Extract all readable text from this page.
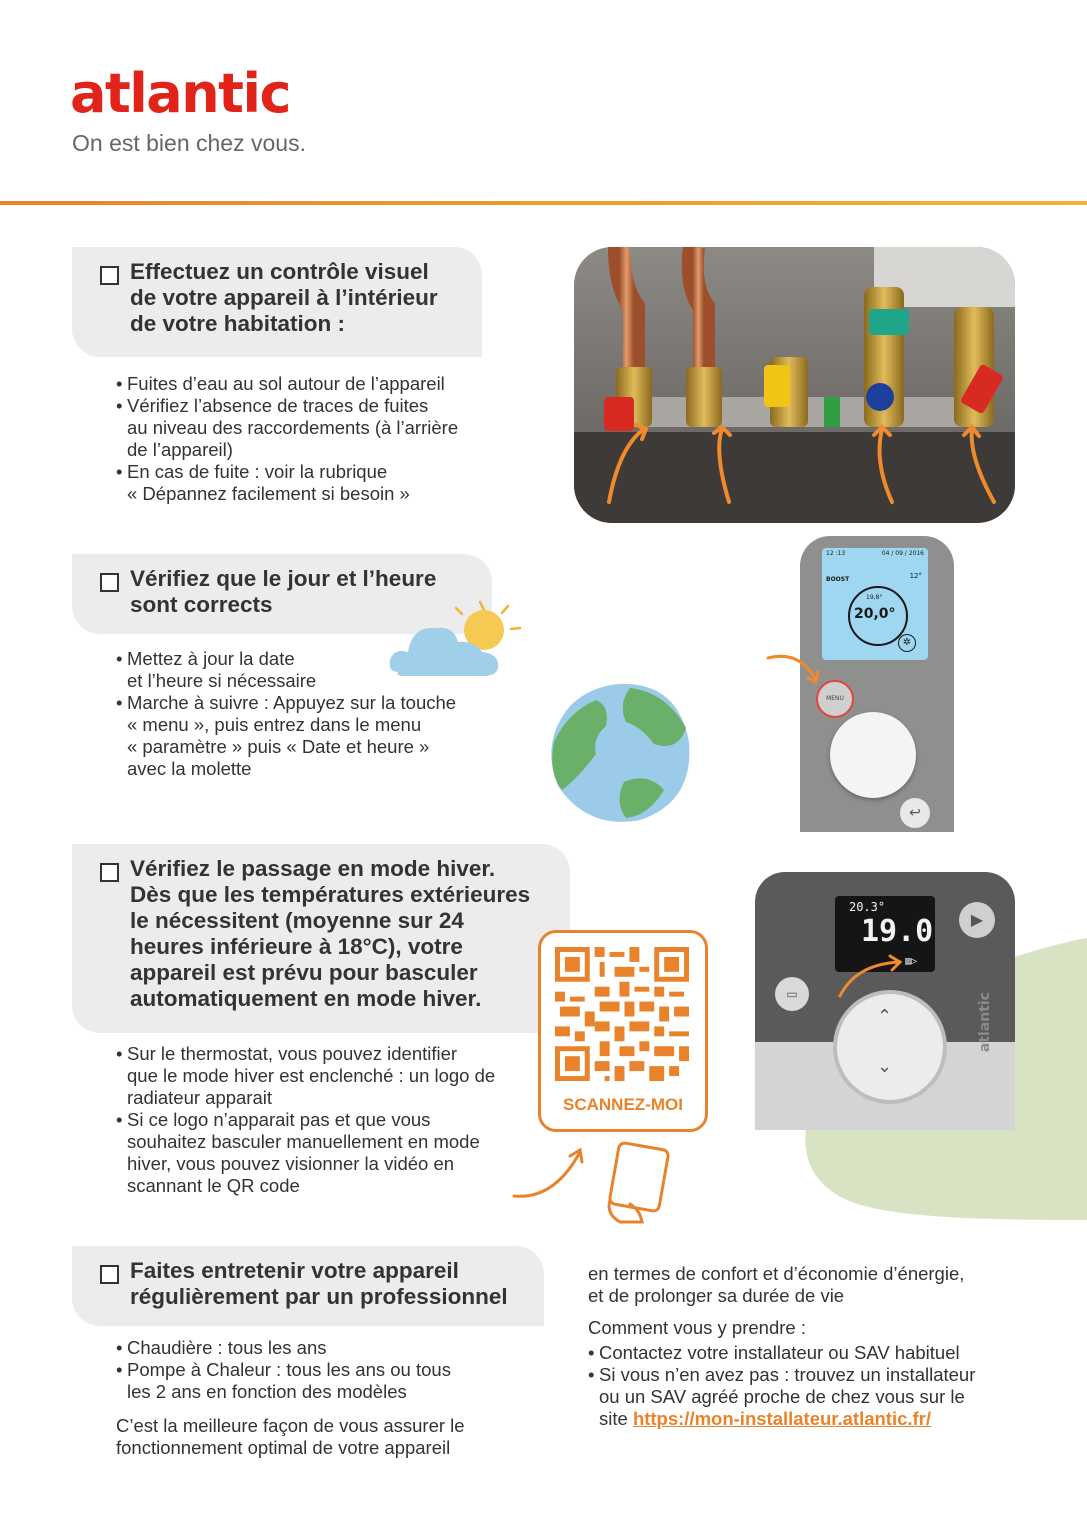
atlantic
On est bien chez vous.
Effectuez un contrôle visuel
de votre appareil à l’intérieur
de votre habitation :
• Fuites d’eau au sol autour de l’appareil
• Vérifiez l’absence de traces de fuites
au niveau des raccordements (à l’arrière
de l’appareil)
• En cas de fuite : voir la rubrique
« Dépannez facilement si besoin »
Vérifiez que le jour et l’heure
sont corrects
• Mettez à jour la date
et l’heure si nécessaire
• Marche à suivre : Appuyez sur la touche
« menu », puis entrez dans le menu
« paramètre » puis « Date et heure »
avec la molette
12 :13	04 / 09 / 2016
BOOST	12°
19,8°
20,0°
✲
MENU
↩
Vérifiez le passage en mode hiver.
Dès que les températures extérieures
le nécessitent (moyenne sur 24
heures inférieure à 18°C), votre
appareil est prévu pour basculer
automatiquement en mode hiver.
• Sur le thermostat, vous pouvez identifier
que le mode hiver est enclenché : un logo de
radiateur apparait
• Si ce logo n’apparait pas et que vous
souhaitez basculer manuellement en mode
hiver, vous pouvez visionner la vidéo en
scannant le QR code
SCANNEZ-MOI
20.3°
19.0
▥▷
▶
▭
⌃
⌄
atlantic
Faites entretenir votre appareil
régulièrement par un professionnel
• Chaudière : tous les ans
• Pompe à Chaleur : tous les ans ou tous
les 2 ans en fonction des modèles
C’est la meilleure façon de vous assurer le
fonctionnement optimal de votre appareil
en termes de confort et d’économie d’énergie,
et de prolonger sa durée de vie
Comment vous y prendre :
• Contactez votre installateur ou SAV habituel
• Si vous n’en avez pas : trouvez un installateur
ou un SAV agréé proche de chez vous sur le
site https://mon-installateur.atlantic.fr/
